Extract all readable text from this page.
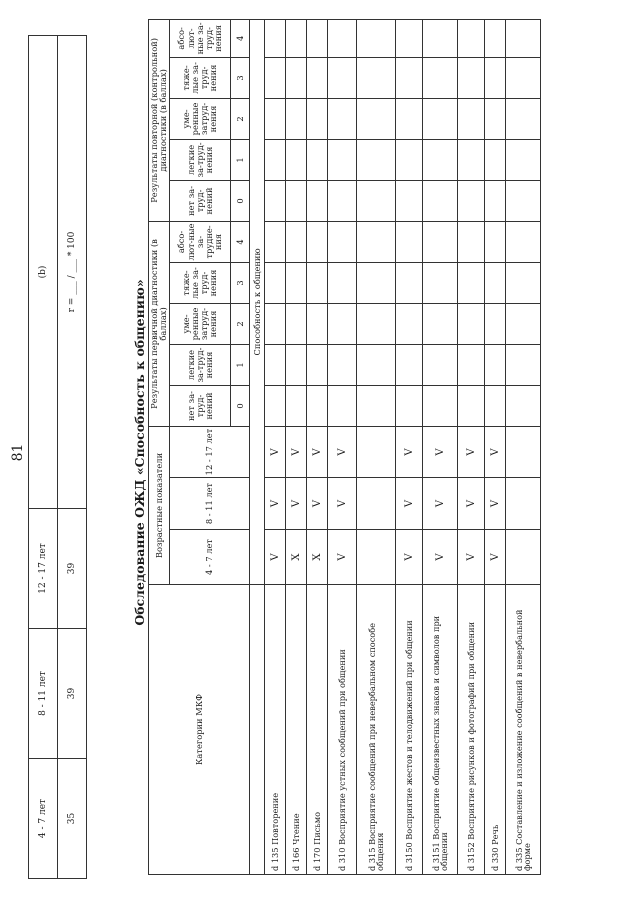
81
4 - 7 лет	8 - 11 лет	12 - 17 лет	(b)
35	39	39	r = ___ / ___ * 100
Обследование ОЖД «Способность к общению»
Категории МКФ	Возрастные показатели			Результаты первичной диагностики (в баллах)					Результаты повторной (контрольной) диагностики (в баллах)				
	4 - 7 лет	8 - 11 лет	12 - 17 лет	нет за-труд-нений	легкие за-труд-нения	уме-ренные затруд-нения	тяже-лые за-труд-нения	абсо-лют-ные за-трудне-ния	нет за-труд-нений	легкие за-труд-нения	уме-ренные затруд-нения	тяже-лые за-труд-нения	абсо-лют-ные за-труд-нения
				0	1	2	3	4	0	1	2	3	4
	Способность к общению												
d 135 Повторение	V	V	V										
d 166 Чтение	X	V	V										
d 170 Письмо	X	V	V										
d 310 Восприятие устных сообщений при общении	V	V	V										
d 315 Восприятие сообщений при невербальном способе общения													
d 3150 Восприятие жестов и телодвижений при общении	V	V	V										
d 3151 Восприятие общеизвестных знаков и символов при общении	V	V	V										
d 3152 Восприятие рисунков и фотографий при общении	V	V	V										
d 330 Речь	V	V	V										
d 335 Составление и изложение сообщений в невербальной форме													
